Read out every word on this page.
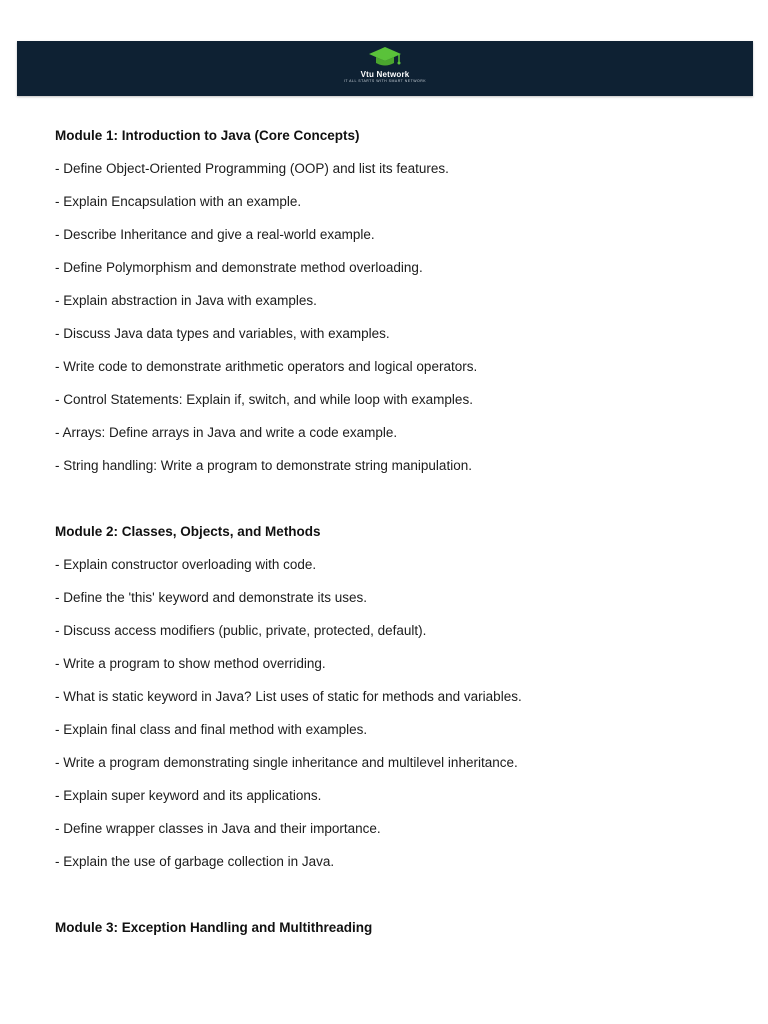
Vtu Network
IT ALL STARTS WITH SMART NETWORK

Module 1: Introduction to Java (Core Concepts)

- Define Object-Oriented Programming (OOP) and list its features.

- Explain Encapsulation with an example.

- Describe Inheritance and give a real-world example.

- Define Polymorphism and demonstrate method overloading.

- Explain abstraction in Java with examples.

- Discuss Java data types and variables, with examples.

- Write code to demonstrate arithmetic operators and logical operators.

- Control Statements: Explain if, switch, and while loop with examples.

- Arrays: Define arrays in Java and write a code example.

- String handling: Write a program to demonstrate string manipulation.

Module 2: Classes, Objects, and Methods

- Explain constructor overloading with code.

- Define the 'this' keyword and demonstrate its uses.

- Discuss access modifiers (public, private, protected, default).

- Write a program to show method overriding.

- What is static keyword in Java? List uses of static for methods and variables.

- Explain final class and final method with examples.

- Write a program demonstrating single inheritance and multilevel inheritance.

- Explain super keyword and its applications.

- Define wrapper classes in Java and their importance.

- Explain the use of garbage collection in Java.

Module 3: Exception Handling and Multithreading
